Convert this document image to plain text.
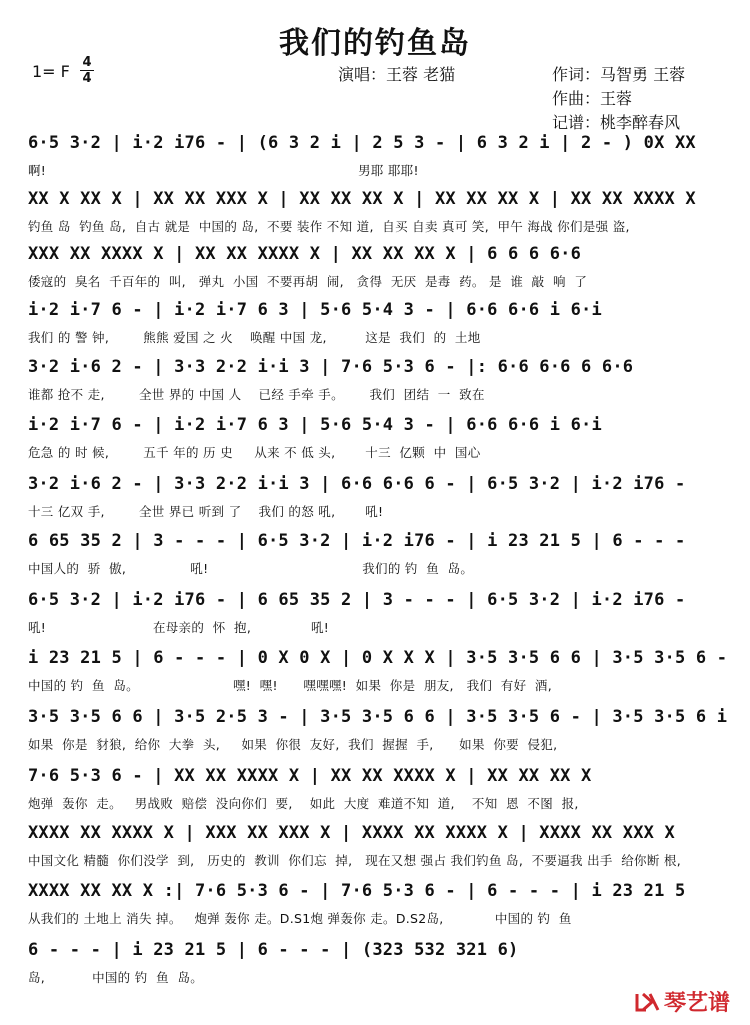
我们的钓鱼岛
1= F 4
4	演唱：王蓉 老猫	作词：马智勇 王蓉
作曲：王蓉
记谱：桃李醉春风
6·5 3·2 | i·2 i76 - | (6 3 2 i | 2 5 3 - | 6 3 2 i | 2 - ) 0X XX
啊!                                                                         男耶 耶耶!
XX X XX X | XX XX XXX X | XX XX XX X | XX XX XX X | XX XX XXXX X
钓鱼 岛  钓鱼 岛,  自古 就是  中国的 岛,  不要 装作 不知 道,  自买 自卖 真可 笑,  甲午 海战 你们是强 盗,
XXX XX XXXX X | XX XX XXXX X | XX XX XX X | 6 6 6 6·6
倭寇的  臭名  千百年的  叫,   弹丸  小国  不要再胡  闹,   贪得  无厌  是毒  药。 是  谁  敲  响  了
i·2 i·7 6 - | i·2 i·7 6 3 | 5·6 5·4 3 - | 6·6 6·6 i 6·i
我们 的 警 钟,        熊熊 爱国 之 火    唤醒 中国 龙,         这是  我们  的  土地
3·2 i·6 2 - | 3·3 2·2 i·i 3 | 7·6 5·3 6 - |: 6·6 6·6 6 6·6
谁都 抢不 走,        全世 界的 中国 人    已经 手牵 手。      我们  团结  一  致在
i·2 i·7 6 - | i·2 i·7 6 3 | 5·6 5·4 3 - | 6·6 6·6 i 6·i
危急 的 时 候,        五千 年的 历 史     从来 不 低 头,       十三  亿颗  中  国心
3·2 i·6 2 - | 3·3 2·2 i·i 3 | 6·6 6·6 6 - | 6·5 3·2 | i·2 i76 -
十三 亿双 手,        全世 界已 听到 了    我们 的怒 吼,       吼!
6 65 35 2 | 3 - - - | 6·5 3·2 | i·2 i76 - | i 23 21 5 | 6 - - -
中国人的  骄  傲,               吼!                                    我们的 钓  鱼  岛。
6·5 3·2 | i·2 i76 - | 6 65 35 2 | 3 - - - | 6·5 3·2 | i·2 i76 -
吼!                         在母亲的  怀  抱,              吼!
i 23 21 5 | 6 - - - | 0 X 0 X | 0 X X X | 3·5 3·5 6 6 | 3·5 3·5 6 -
中国的 钓  鱼  岛。                      嘿!  嘿!      嘿嘿嘿!  如果  你是  朋友,   我们  有好  酒,
3·5 3·5 6 6 | 3·5 2·5 3 - | 3·5 3·5 6 6 | 3·5 3·5 6 - | 3·5 3·5 6 i
如果  你是  豺狼,  给你  大拳  头,     如果  你很  友好,  我们  握握  手,      如果  你要  侵犯,
7·6 5·3 6 - | XX XX XXXX X | XX XX XXXX X | XX XX XX X
炮弹  轰你  走。   男战败  赔偿  没向你们  要,    如此  大度  难道不知  道,    不知  恩  不图  报,
XXXX XX XXXX X | XXX XX XXX X | XXXX XX XXXX X | XXXX XX XXX X
中国文化 精髓  你们没学  到,   历史的  教训  你们忘  掉,   现在又想 强占 我们钓鱼 岛,  不要逼我 出手  给你断 根,
XXXX XX XX X :| 7·6 5·3 6 - | 7·6 5·3 6 - | 6 - - - | i 23 21 5
从我们的 土地上 消失 掉。   炮弹 轰你 走。D.S1炮 弹轰你 走。D.S2岛,            中国的 钓  鱼
6 - - - | i 23 21 5 | 6 - - - | (323 532 321 6)
岛,           中国的 钓  鱼  岛。
琴艺谱
